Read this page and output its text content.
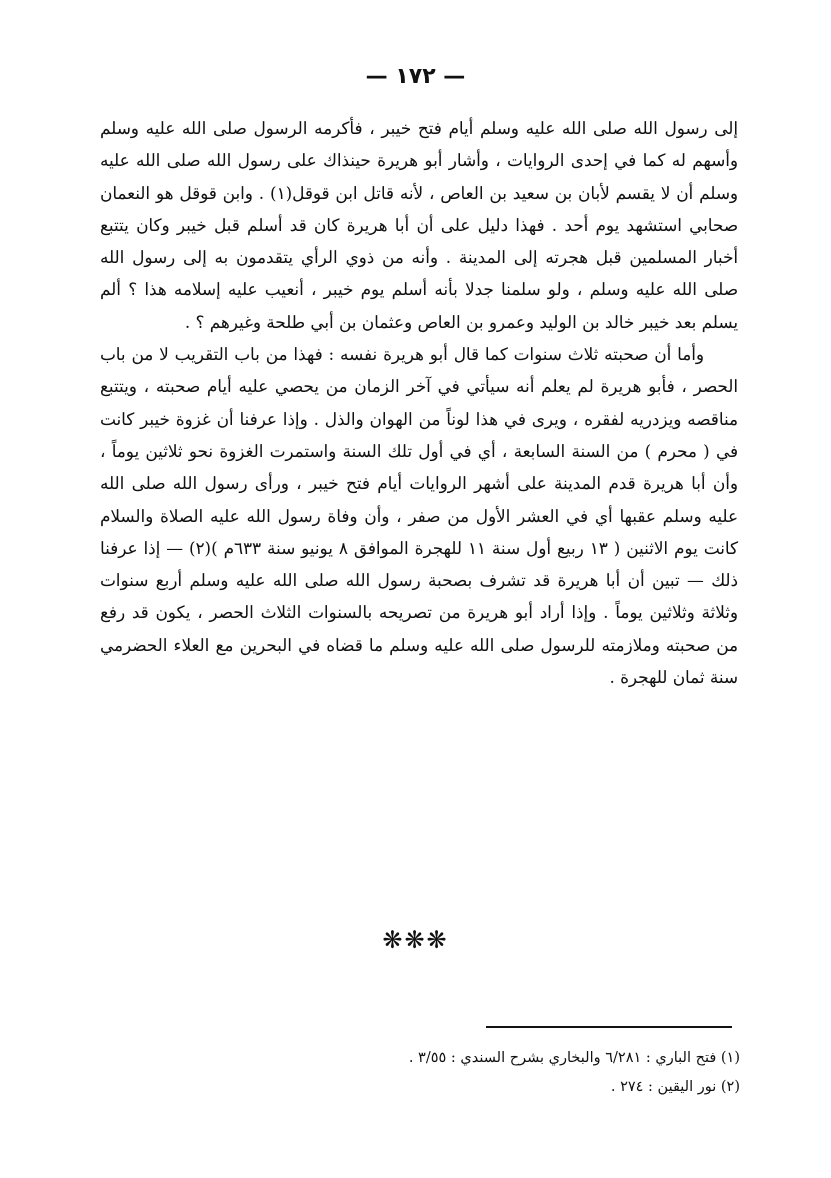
— ١٧٢ —

إلى رسول الله صلى الله عليه وسلم أيام فتح خيبر ، فأكرمه الرسول صلى الله عليه وسلم وأسهم له كما في إحدى الروايات ، وأشار أبو هريرة حينذاك على رسول الله صلى الله عليه وسلم أن لا يقسم لأبان بن سعيد بن العاص ، لأنه قاتل ابن قوقل(١) . وابن قوقل هو النعمان صحابي استشهد يوم أحد . فهذا دليل على أن أبا هريرة كان قد أسلم قبل خيبر وكان يتتبع أخبار المسلمين قبل هجرته إلى المدينة . وأنه من ذوي الرأي يتقدمون به إلى رسول الله صلى الله عليه وسلم ، ولو سلمنا جدلا بأنه أسلم يوم خيبر ، أنعيب عليه إسلامه هذا ؟ ألم يسلم بعد خيبر خالد بن الوليد وعمرو بن العاص وعثمان بن أبي طلحة وغيرهم ؟ .

وأما أن صحبته ثلاث سنوات كما قال أبو هريرة نفسه : فهذا من باب التقريب لا من باب الحصر ، فأبو هريرة لم يعلم أنه سيأتي في آخر الزمان من يحصي عليه أيام صحبته ، ويتتبع مناقصه ويزدريه لفقره ، ويرى في هذا لوناً من الهوان والذل . وإذا عرفنا أن غزوة خيبر كانت في ( محرم ) من السنة السابعة ، أي في أول تلك السنة واستمرت الغزوة نحو ثلاثين يوماً ، وأن أبا هريرة قدم المدينة على أشهر الروايات أيام فتح خيبر ، ورأى رسول الله صلى الله عليه وسلم عقبها أي في العشر الأول من صفر ، وأن وفاة رسول الله عليه الصلاة والسلام كانت يوم الاثنين ( ١٣ ربيع أول سنة ١١ للهجرة الموافق ٨ يونيو سنة ٦٣٣م )(٢) — إذا عرفنا ذلك — تبين أن أبا هريرة قد تشرف بصحبة رسول الله صلى الله عليه وسلم أربع سنوات وثلاثة وثلاثين يوماً . وإذا أراد أبو هريرة من تصريحه بالسنوات الثلاث الحصر ، يكون قد رفع من صحبته وملازمته للرسول صلى الله عليه وسلم ما قضاه في البحرين مع العلاء الحضرمي سنة ثمان للهجرة .

❋❋❋
(١) فتح الباري : ٦/٢٨١ والبخاري بشرح السندي : ٣/٥٥ .
(٢) نور اليقين : ٢٧٤ .
